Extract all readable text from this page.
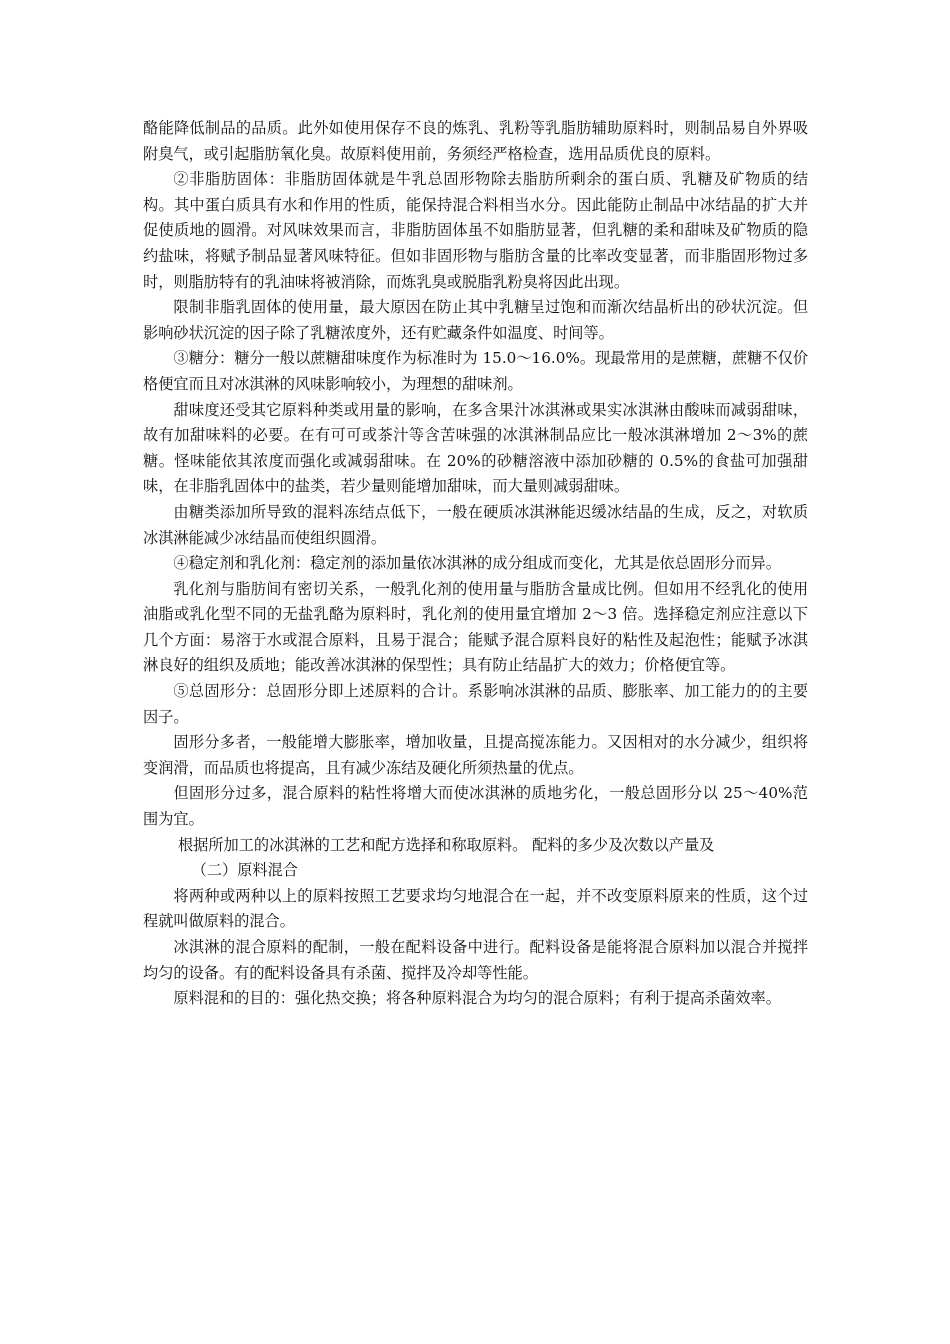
酪能降低制品的品质。此外如使用保存不良的炼乳、乳粉等乳脂肪辅助原料时，则制品易自外界吸附臭气，或引起脂肪氧化臭。故原料使用前，务须经严格检查，选用品质优良的原料。

②非脂肪固体：非脂肪固体就是牛乳总固形物除去脂肪所剩余的蛋白质、乳糖及矿物质的结构。其中蛋白质具有水和作用的性质，能保持混合料相当水分。因此能防止制品中冰结晶的扩大并促使质地的圆滑。对风味效果而言，非脂肪固体虽不如脂肪显著，但乳糖的柔和甜味及矿物质的隐约盐味，将赋予制品显著风味特征。但如非固形物与脂肪含量的比率改变显著，而非脂固形物过多时，则脂肪特有的乳油味将被消除，而炼乳臭或脱脂乳粉臭将因此出现。

限制非脂乳固体的使用量，最大原因在防止其中乳糖呈过饱和而渐次结晶析出的砂状沉淀。但影响砂状沉淀的因子除了乳糖浓度外，还有贮藏条件如温度、时间等。

③糖分：糖分一般以蔗糖甜味度作为标准时为 15.0～16.0%。现最常用的是蔗糖，蔗糖不仅价格便宜而且对冰淇淋的风味影响较小，为理想的甜味剂。

甜味度还受其它原料种类或用量的影响，在多含果汁冰淇淋或果实冰淇淋由酸味而减弱甜味，故有加甜味料的必要。在有可可或茶汁等含苦味强的冰淇淋制品应比一般冰淇淋增加 2～3%的蔗糖。怪味能依其浓度而强化或减弱甜味。在 20%的砂糖溶液中添加砂糖的 0.5%的食盐可加强甜味，在非脂乳固体中的盐类，若少量则能增加甜味，而大量则减弱甜味。

由糖类添加所导致的混料冻结点低下，一般在硬质冰淇淋能迟缓冰结晶的生成，反之，对软质冰淇淋能减少冰结晶而使组织圆滑。

④稳定剂和乳化剂：稳定剂的添加量依冰淇淋的成分组成而变化，尤其是依总固形分而异。

乳化剂与脂肪间有密切关系，一般乳化剂的使用量与脂肪含量成比例。但如用不经乳化的使用油脂或乳化型不同的无盐乳酪为原料时，乳化剂的使用量宜增加 2～3 倍。选择稳定剂应注意以下几个方面：易溶于水或混合原料，且易于混合；能赋予混合原料良好的粘性及起泡性；能赋予冰淇淋良好的组织及质地；能改善冰淇淋的保型性；具有防止结晶扩大的效力；价格便宜等。

⑤总固形分：总固形分即上述原料的合计。系影响冰淇淋的品质、膨胀率、加工能力的的主要因子。

固形分多者，一般能增大膨胀率，增加收量，且提高搅冻能力。又因相对的水分减少，组织将变润滑，而品质也将提高，且有减少冻结及硬化所须热量的优点。

但固形分过多，混合原料的粘性将增大而使冰淇淋的质地劣化，一般总固形分以 25～40%范围为宜。

根据所加工的冰淇淋的工艺和配方选择和称取原料。 配料的多少及次数以产量及

（二）原料混合

将两种或两种以上的原料按照工艺要求均匀地混合在一起，并不改变原料原来的性质，这个过程就叫做原料的混合。

冰淇淋的混合原料的配制，一般在配料设备中进行。配料设备是能将混合原料加以混合并搅拌均匀的设备。有的配料设备具有杀菌、搅拌及冷却等性能。

原料混和的目的：强化热交换；将各种原料混合为均匀的混合原料；有利于提高杀菌效率。
